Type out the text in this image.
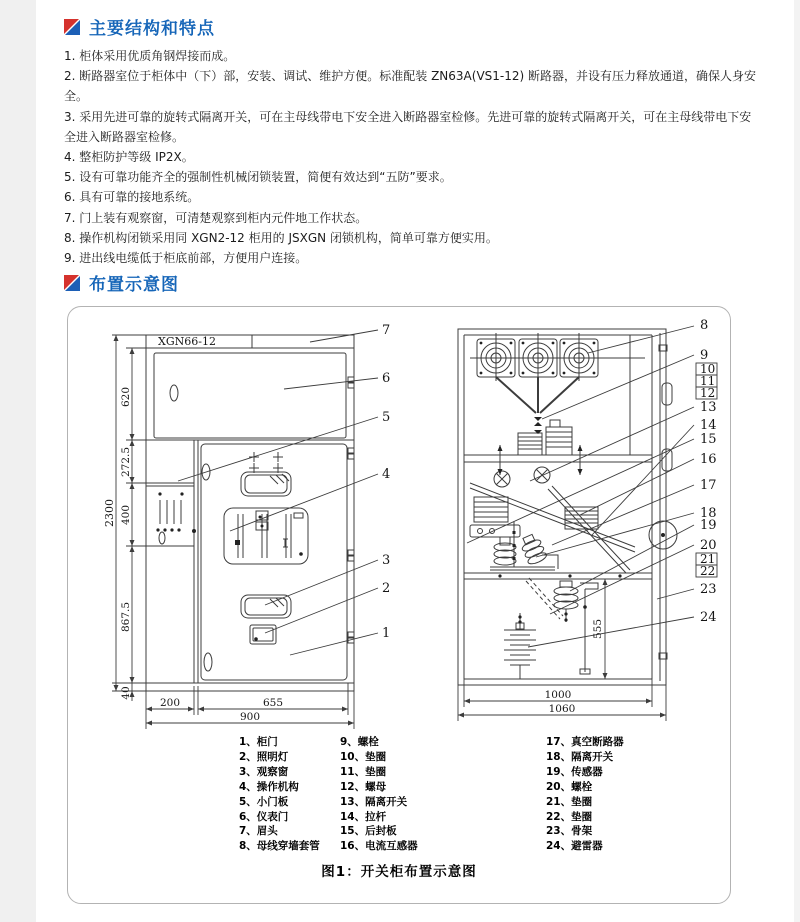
主要结构和特点

1. 柜体采用优质角钢焊接而成。

2. 断路器室位于柜体中（下）部，安装、调试、维护方便。标准配装 ZN63A(VS1-12) 断路器，并设有压力释放通道，确保人身安全。

3. 采用先进可靠的旋转式隔离开关，可在主母线带电下安全进入断路器室检修。先进可靠的旋转式隔离开关，可在主母线带电下安全进入断路器室检修。

4. 整柜防护等级 IP2X。

5. 设有可靠功能齐全的强制性机械闭锁装置，简便有效达到“五防”要求。

6. 具有可靠的接地系统。

7. 门上装有观察窗，可清楚观察到柜内元件地工作状态。

8. 操作机构闭锁采用同 XGN2-12 柜用的 JSXGN 闭锁机构，简单可靠方便实用。

9. 进出线电缆低于柜底前部，方便用户连接。

布置示意图
XGN66-12
2300
620
272.5
400
867.5
40
200	655
900
7
6
5
4
3
2
1	555
1000
1060
8
9
10
11
12
13
14
15
16
17
18
19
20
21
22
23
24
1、柜门
2、照明灯
3、观察窗
4、操作机构
5、小门板
6、仪表门
7、眉头
8、母线穿墙套管
9、螺栓
10、垫圈
11、垫圈
12、螺母
13、隔离开关
14、拉杆
15、后封板
16、电流互感器
17、真空断路器
18、隔离开关
19、传感器
20、螺栓
21、垫圈
22、垫圈
23、骨架
24、避雷器
图1：开关柜布置示意图
